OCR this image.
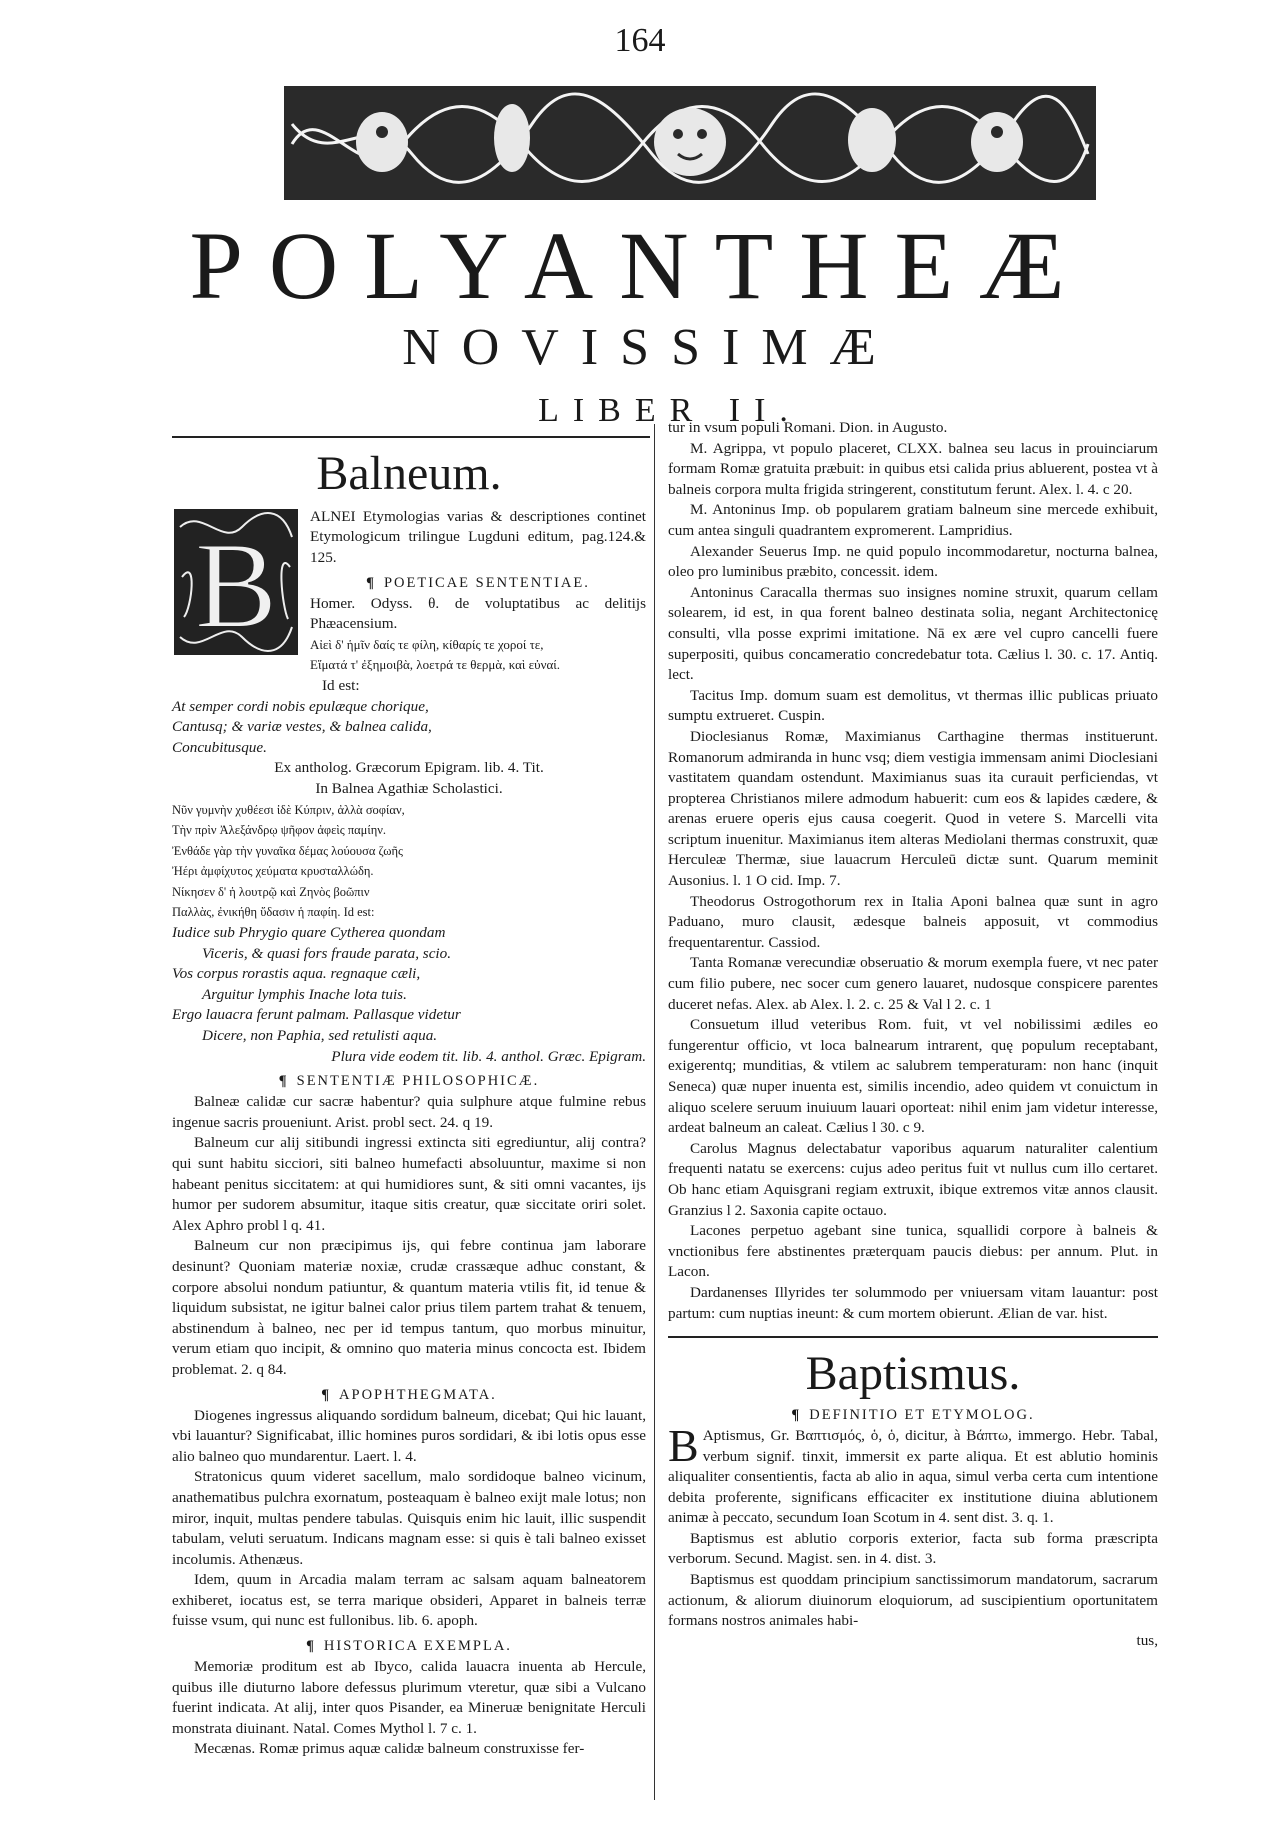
164
POLYANTHEÆ
NOVISSIMÆ
LIBER II.
Balneum.
B

ALNEI Etymologias varias & descriptiones continet Etymologicum trilingue Lugduni editum, pag.124.& 125.

¶ POETICAE SENTENTIAE.

Homer. Odyss. θ. de voluptatibus ac delitijs Phæacensium.

Αἰεὶ δ' ἡμῖν δαίς τε φίλη, κίθαρίς τε χοροί τε,

Εἵματά τ' ἐξημοιβὰ, λοετρά τε θερμὰ, καὶ εὐναί.

Id est:

At semper cordi nobis epulæque chorique,

Cantusq; & variæ vestes, & balnea calida,

Concubitusque.

Ex antholog. Græcorum Epigram. lib. 4. Tit.

In Balnea Agathiæ Scholastici.

Νῦν γυμνὴν χυθέεσι ἰδὲ Κύπριν, ἀλλὰ σοφίαν,

Τὴν πρὶν Ἀλεξάνδρῳ ψῆφον ἀφεὶς παμίην.

Ἐνθάδε γὰρ τὴν γυναῖκα δέμας λούουσα ζωῆς

Ἠέρι ἀμφίχυτος χεύματα κρυσταλλώδη.

Νίκησεν δ' ἡ λουτρῷ καὶ Ζηνὸς βοῶπιν

Παλλὰς, ἐνικήθη ὕδασιν ἡ παφίη. Id est:

Iudice sub Phrygio quare Cytherea quondam

Viceris, & quasi fors fraude parata, scio.

Vos corpus rorastis aqua. regnaque cæli,

Arguitur lymphis Inache lota tuis.

Ergo lauacra ferunt palmam. Pallasque videtur

Dicere, non Paphia, sed retulisti aqua.

Plura vide eodem tit. lib. 4. anthol. Græc. Epigram.

¶ SENTENTIÆ PHILOSOPHICÆ.

Balneæ calidæ cur sacræ habentur? quia sulphure atque fulmine rebus ingenue sacris proueniunt. Arist. probl sect. 24. q 19.

Balneum cur alij sitibundi ingressi extincta siti egrediuntur, alij contra? qui sunt habitu sicciori, siti balneo humefacti absoluuntur, maxime si non habeant penitus siccitatem: at qui humidiores sunt, & siti omni vacantes, ijs humor per sudorem absumitur, itaque sitis creatur, quæ siccitate oriri solet. Alex Aphro probl l q. 41.

Balneum cur non præcipimus ijs, qui febre continua jam laborare desinunt? Quoniam materiæ noxiæ, crudæ crassæque adhuc constant, & corpore absolui nondum patiuntur, & quantum materia vtilis fit, id tenue & liquidum subsistat, ne igitur balnei calor prius tilem partem trahat & tenuem, abstinendum à balneo, nec per id tempus tantum, quo morbus minuitur, verum etiam quo incipit, & omnino quo materia minus concocta est. Ibidem problemat. 2. q 84.

¶ APOPHTHEGMATA.

Diogenes ingressus aliquando sordidum balneum, dicebat; Qui hic lauant, vbi lauantur? Significabat, illic homines puros sordidari, & ibi lotis opus esse alio balneo quo mundarentur. Laert. l. 4.

Stratonicus quum videret sacellum, malo sordidoque balneo vicinum, anathematibus pulchra exornatum, posteaquam è balneo exijt male lotus; non miror, inquit, multas pendere tabulas. Quisquis enim hic lauit, illic suspendit tabulam, veluti seruatum. Indicans magnam esse: si quis è tali balneo exisset incolumis. Athenæus.

Idem, quum in Arcadia malam terram ac salsam aquam balneatorem exhiberet, iocatus est, se terra marique obsideri, Apparet in balneis terræ fuisse vsum, qui nunc est fullonibus. lib. 6. apoph.

¶ HISTORICA EXEMPLA.

Memoriæ proditum est ab Ibyco, calida lauacra inuenta ab Hercule, quibus ille diuturno labore defessus plurimum vteretur, quæ sibi a Vulcano fuerint indicata. At alij, inter quos Pisander, ea Mineruæ benignitate Herculi monstrata diuinant. Natal. Comes Mythol l. 7 c. 1.

Mecænas. Romæ primus aquæ calidæ balneum construxisse fer-

tur in vsum populi Romani. Dion. in Augusto.

M. Agrippa, vt populo placeret, CLXX. balnea seu lacus in prouinciarum formam Romæ gratuita præbuit: in quibus etsi calida prius abluerent, postea vt à balneis corpora multa frigida stringerent, constitutum ferunt. Alex. l. 4. c 20.

M. Antoninus Imp. ob popularem gratiam balneum sine mercede exhibuit, cum antea singuli quadrantem expromerent. Lampridius.

Alexander Seuerus Imp. ne quid populo incommodaretur, nocturna balnea, oleo pro luminibus præbito, concessit. idem.

Antoninus Caracalla thermas suo insignes nomine struxit, quarum cellam solearem, id est, in qua forent balneo destinata solia, negant Architectonicę consulti, vlla posse exprimi imitatione. Nā ex ære vel cupro cancelli fuere superpositi, quibus concameratio concredebatur tota. Cælius l. 30. c. 17. Antiq. lect.

Tacitus Imp. domum suam est demolitus, vt thermas illic publicas priuato sumptu extrueret. Cuspin.

Dioclesianus Romæ, Maximianus Carthagine thermas instituerunt. Romanorum admiranda in hunc vsq; diem vestigia immensam animi Dioclesiani vastitatem quandam ostendunt. Maximianus suas ita curauit perficiendas, vt propterea Christianos milere admodum habuerit: cum eos & lapides cædere, & arenas eruere operis ejus causa coegerit. Quod in vetere S. Marcelli vita scriptum inuenitur. Maximianus item alteras Mediolani thermas construxit, quæ Herculeæ Thermæ, siue lauacrum Herculeū dictæ sunt. Quarum meminit Ausonius. l. 1 O cid. Imp. 7.

Theodorus Ostrogothorum rex in Italia Aponi balnea quæ sunt in agro Paduano, muro clausit, ædesque balneis apposuit, vt commodius frequentarentur. Cassiod.

Tanta Romanæ verecundiæ obseruatio & morum exempla fuere, vt nec pater cum filio pubere, nec socer cum genero lauaret, nudosque conspicere parentes duceret nefas. Alex. ab Alex. l. 2. c. 25 & Val l 2. c. 1

Consuetum illud veteribus Rom. fuit, vt vel nobilissimi ædiles eo fungerentur officio, vt loca balnearum intrarent, quę populum receptabant, exigerentq; munditias, & vtilem ac salubrem temperaturam: non hanc (inquit Seneca) quæ nuper inuenta est, similis incendio, adeo quidem vt conuictum in aliquo scelere seruum inuiuum lauari oporteat: nihil enim jam videtur interesse, ardeat balneum an caleat. Cælius l 30. c 9.

Carolus Magnus delectabatur vaporibus aquarum naturaliter calentium frequenti natatu se exercens: cujus adeo peritus fuit vt nullus cum illo certaret. Ob hanc etiam Aquisgrani regiam extruxit, ibique extremos vitæ annos clausit. Granzius l 2. Saxonia capite octauo.

Lacones perpetuo agebant sine tunica, squallidi corpore à balneis & vnctionibus fere abstinentes præterquam paucis diebus: per annum. Plut. in Lacon.

Dardanenses Illyrides ter solummodo per vniuersam vitam lauantur: post partum: cum nuptias ineunt: & cum mortem obierunt. Ælian de var. hist.

Baptismus.
¶ DEFINITIO ET ETYMOLOG.

B Aptismus, Gr. Βαπτισμός, ὁ, ὁ, dicitur, à Βάπτω, immergo. Hebr. Tabal, verbum signif. tinxit, immersit ex parte aliqua. Et est ablutio hominis aliqualiter consentientis, facta ab alio in aqua, simul verba certa cum intentione debita proferente, significans efficaciter ex institutione diuina ablutionem animæ à peccato, secundum Ioan Scotum in 4. sent dist. 3. q. 1.

Baptismus est ablutio corporis exterior, facta sub forma præscripta verborum. Secund. Magist. sen. in 4. dist. 3.

Baptismus est quoddam principium sanctissimorum mandatorum, sacrarum actionum, & aliorum diuinorum eloquiorum, ad suscipientium oportunitatem formans nostros animales habi-

tus,
